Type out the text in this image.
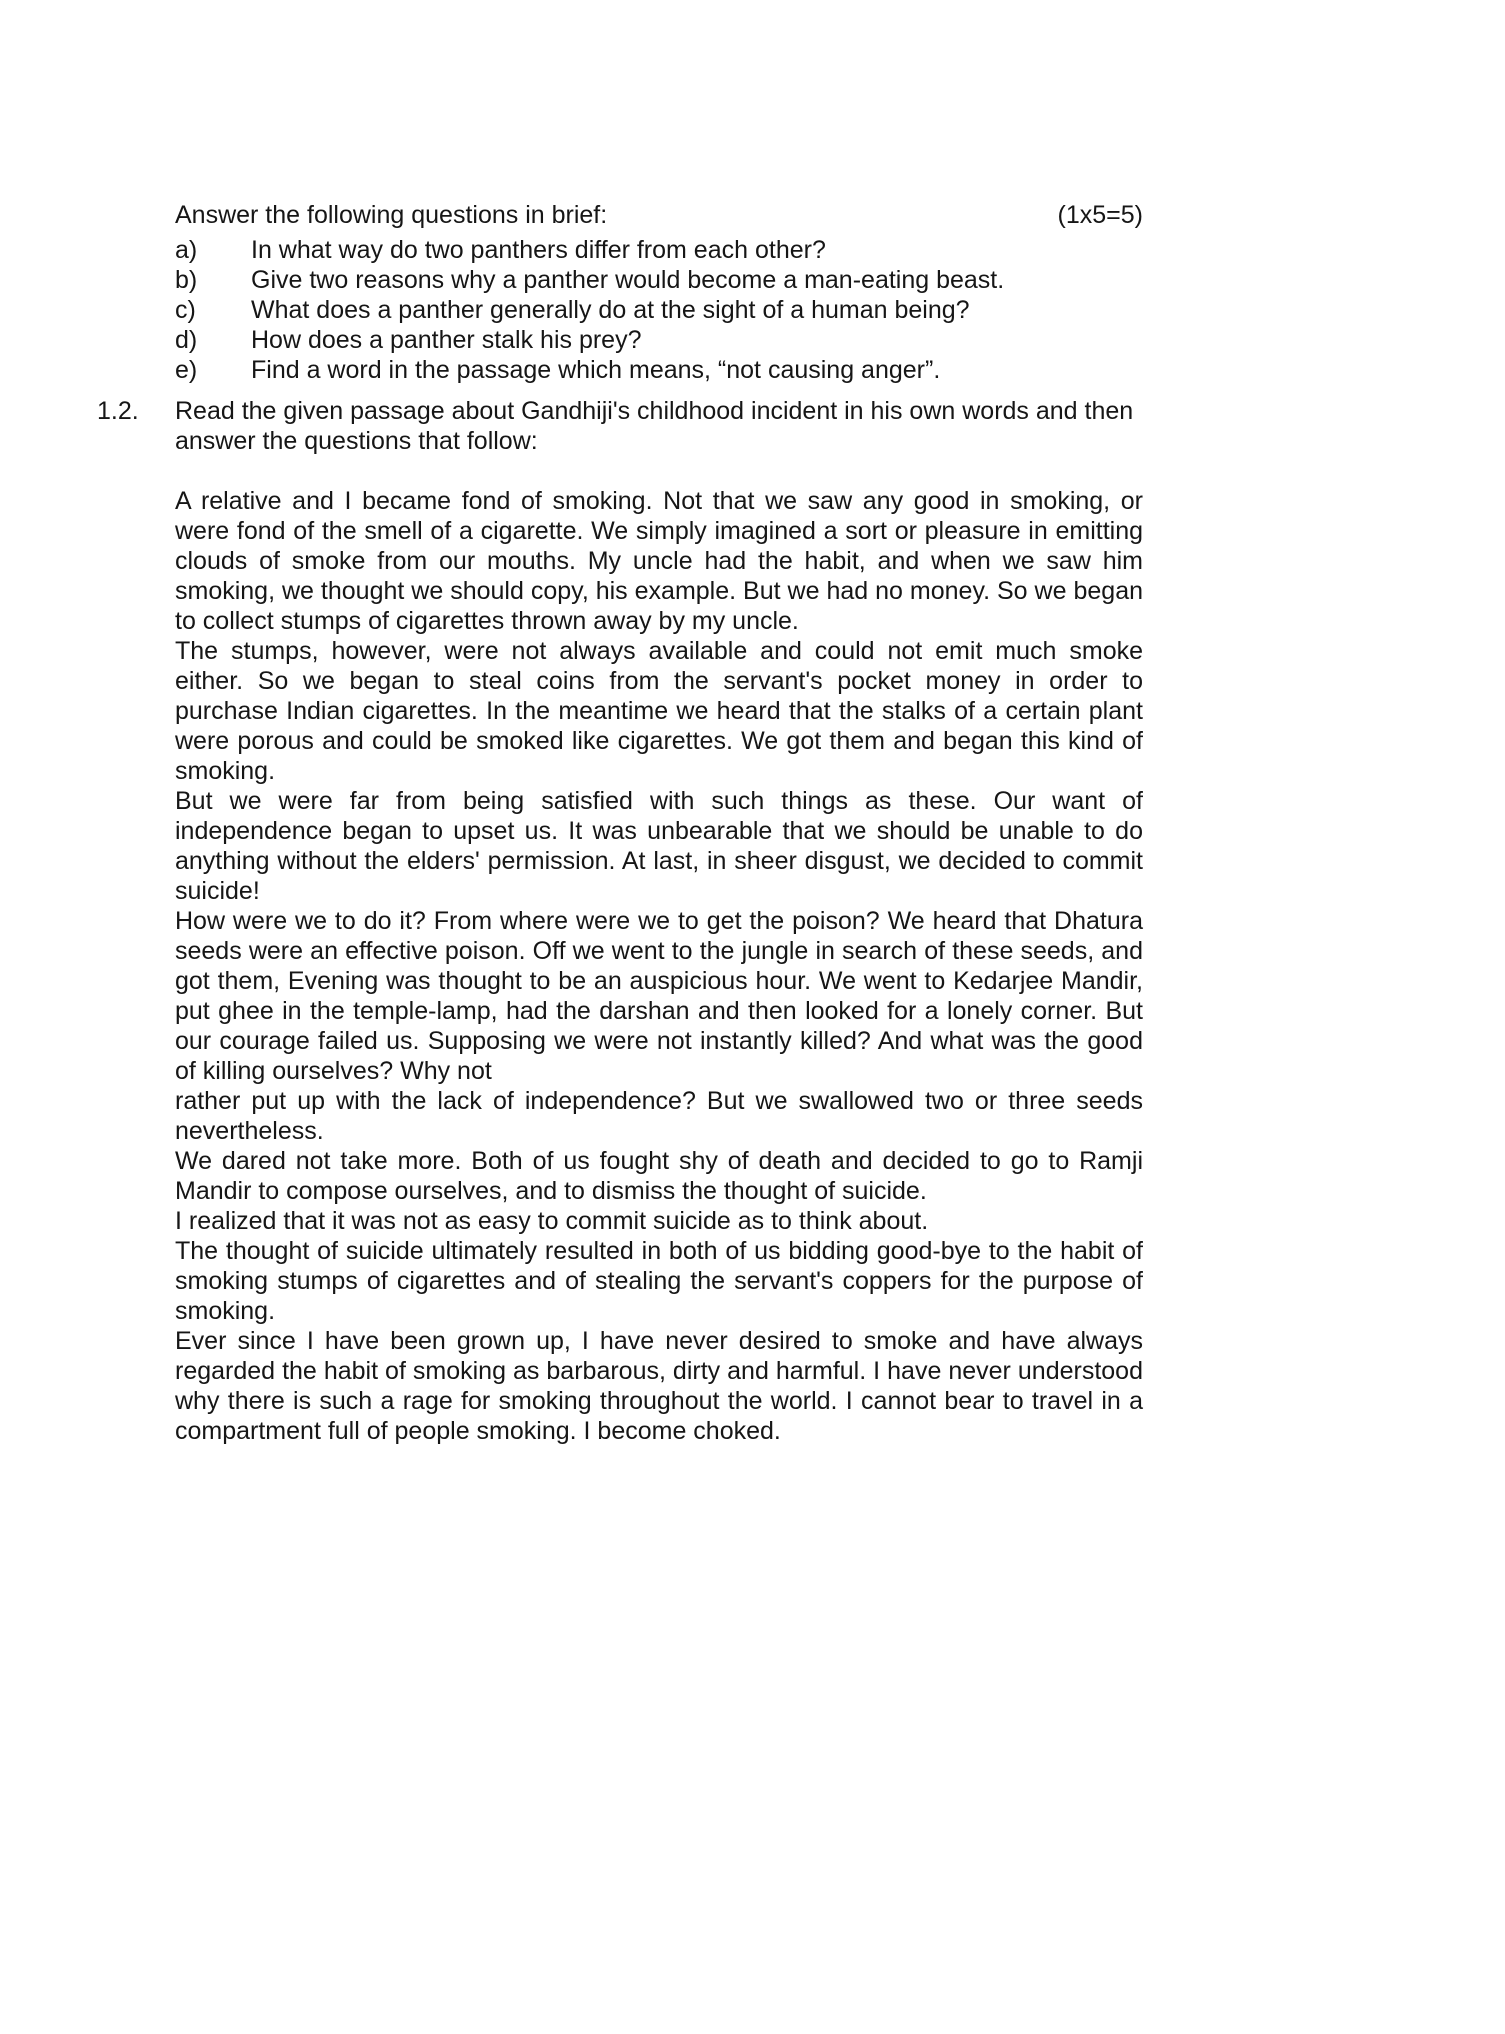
Answer the following questions in brief:	(1x5=5)
a)	In what way do two panthers differ from each other?
b)	Give two reasons why a panther would become a man-eating beast.
c)	What does a panther generally do at the sight of a human being?
d)	How does a panther stalk his prey?
e)	Find a word in the passage which means, “not causing anger”.
1.2.	Read the given passage about Gandhiji's childhood incident in his own words and then answer the questions that follow:

A relative and I became fond of smoking. Not that we saw any good in smoking, or were fond of the smell of a cigarette. We simply imagined a sort or pleasure in emitting clouds of smoke from our mouths. My uncle had the habit, and when we saw him smoking, we thought we should copy, his example. But we had no money. So we began to collect stumps of cigarettes thrown away by my uncle.

The stumps, however, were not always available and could not emit much smoke either. So we began to steal coins from the servant's pocket money in order to purchase Indian cigarettes. In the meantime we heard that the stalks of a certain plant were porous and could be smoked like cigarettes. We got them and began this kind of smoking.

But we were far from being satisfied with such things as these. Our want of independence began to upset us. It was unbearable that we should be unable to do anything without the elders' permission. At last, in sheer disgust, we decided to commit suicide!

How were we to do it? From where were we to get the poison? We heard that Dhatura seeds were an effective poison. Off we went to the jungle in search of these seeds, and got them, Evening was thought to be an auspicious hour. We went to Kedarjee Mandir, put ghee in the temple-lamp, had the darshan and then looked for a lonely corner. But our courage failed us. Supposing we were not instantly killed? And what was the good of killing ourselves? Why not

rather put up with the lack of independence? But we swallowed two or three seeds nevertheless.

We dared not take more. Both of us fought shy of death and decided to go to Ramji Mandir to compose ourselves, and to dismiss the thought of suicide.

I realized that it was not as easy to commit suicide as to think about.

The thought of suicide ultimately resulted in both of us bidding good-bye to the habit of smoking stumps of cigarettes and of stealing the servant's coppers for the purpose of smoking.

Ever since I have been grown up, I have never desired to smoke and have always regarded the habit of smoking as barbarous, dirty and harmful. I have never understood why there is such a rage for smoking throughout the world. I cannot bear to travel in a compartment full of people smoking. I become choked.
